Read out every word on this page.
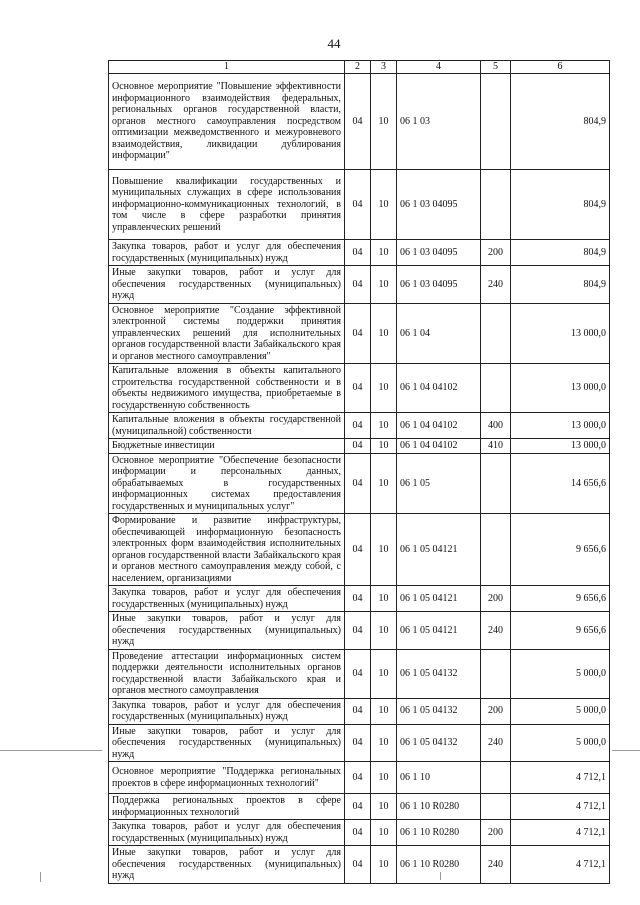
44
1	2	3	4	5	6
Основное мероприятие "Повышение эффективности информационного взаимодействия федеральных, региональных органов государственной власти, органов местного самоуправления посредством оптимизации межведомственного и межуровневого взаимодействия, ликвидации дублирования информации"	04	10	06 1 03		804,9
Повышение квалификации государственных и муниципальных служащих в сфере использования информационно-коммуникационных технологий, в том числе в сфере разработки принятия управленческих решений	04	10	06 1 03 04095		804,9
Закупка товаров, работ и услуг для обеспечения государственных (муниципальных) нужд	04	10	06 1 03 04095	200	804,9
Иные закупки товаров, работ и услуг для обеспечения государственных (муниципальных) нужд	04	10	06 1 03 04095	240	804,9
Основное мероприятие "Создание эффективной электронной системы поддержки принятия управленческих решений для исполнительных органов государственной власти Забайкальского края и органов местного самоуправления"	04	10	06 1 04		13 000,0
Капитальные вложения в объекты капитального строительства государственной собственности и в объекты недвижимого имущества, приобретаемые в государственную собственность	04	10	06 1 04 04102		13 000,0
Капитальные вложения в объекты государственной (муниципальной) собственности	04	10	06 1 04 04102	400	13 000,0
Бюджетные инвестиции	04	10	06 1 04 04102	410	13 000,0
Основное мероприятие "Обеспечение безопасности информации и персональных данных, обрабатываемых в государственных информационных системах предоставления государственных и муниципальных услуг"	04	10	06 1 05		14 656,6
Формирование и развитие инфраструктуры, обеспечивающей информационную безопасность электронных форм взаимодействия исполнительных органов государственной власти Забайкальского края и органов местного самоуправления между собой, с населением, организациями	04	10	06 1 05 04121		9 656,6
Закупка товаров, работ и услуг для обеспечения государственных (муниципальных) нужд	04	10	06 1 05 04121	200	9 656,6
Иные закупки товаров, работ и услуг для обеспечения государственных (муниципальных) нужд	04	10	06 1 05 04121	240	9 656,6
Проведение аттестации информационных систем поддержки деятельности исполнительных органов государственной власти Забайкальского края и органов местного самоуправления	04	10	06 1 05 04132		5 000,0
Закупка товаров, работ и услуг для обеспечения государственных (муниципальных) нужд	04	10	06 1 05 04132	200	5 000,0
Иные закупки товаров, работ и услуг для обеспечения государственных (муниципальных) нужд	04	10	06 1 05 04132	240	5 000,0
Основное мероприятие "Поддержка региональных проектов в сфере информационных технологий"	04	10	06 1 10		4 712,1
Поддержка региональных проектов в сфере информационных технологий	04	10	06 1 10 R0280		4 712,1
Закупка товаров, работ и услуг для обеспечения государственных (муниципальных) нужд	04	10	06 1 10 R0280	200	4 712,1
Иные закупки товаров, работ и услуг для обеспечения государственных (муниципальных) нужд	04	10	06 1 10 R0280	240	4 712,1
